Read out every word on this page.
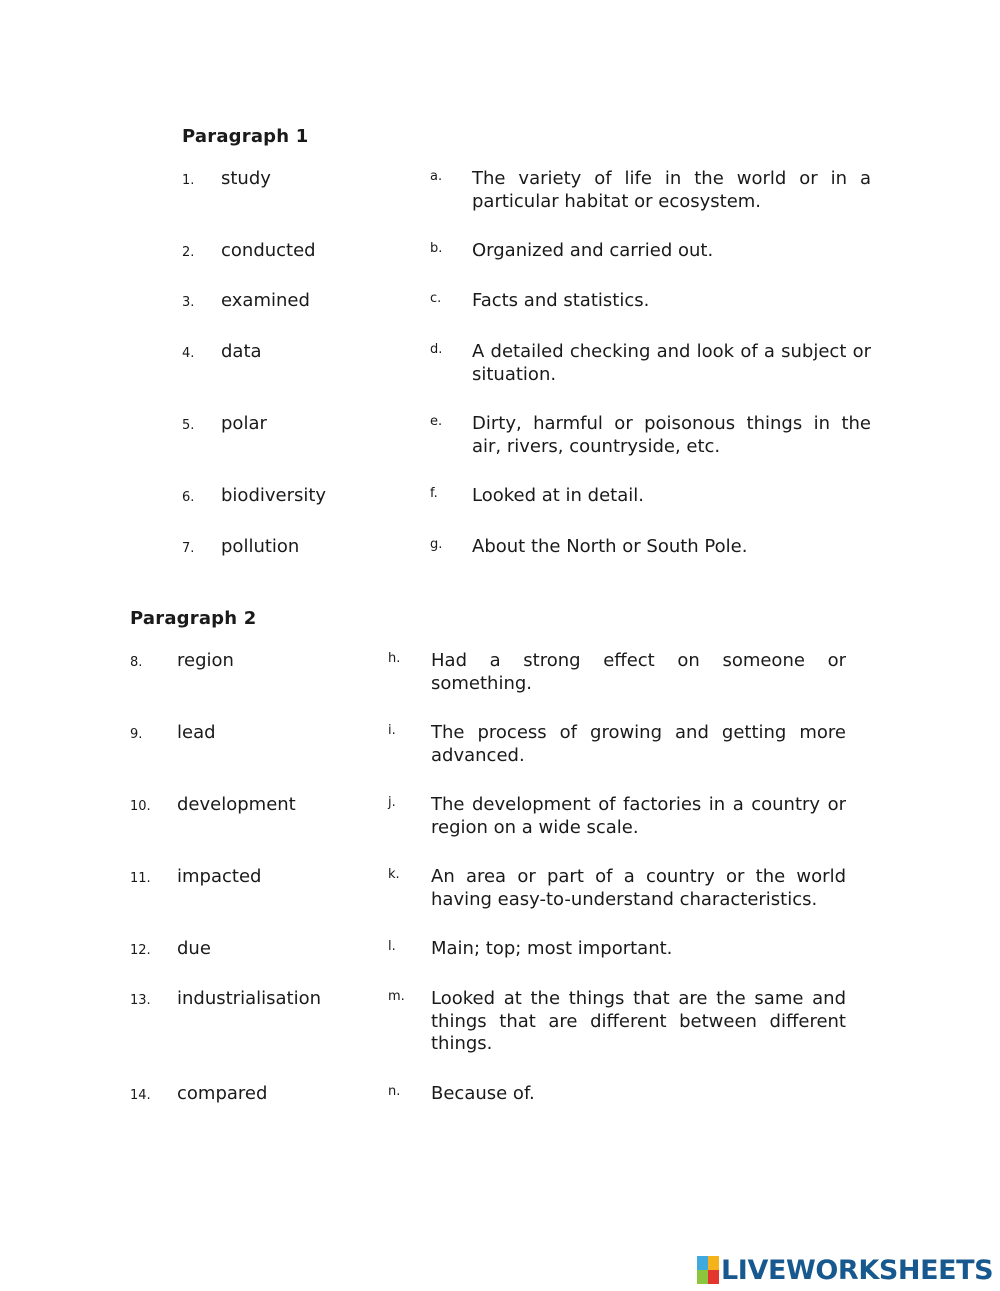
Paragraph 1
1. study	a. The variety of life in the world or in a particular habitat or ecosystem.
2. conducted	b. Organized and carried out.
3. examined	c. Facts and statistics.
4. data	d. A detailed checking and look of a subject or situation.
5. polar	e. Dirty, harmful or poisonous things in the air, rivers, countryside, etc.
6. biodiversity	f. Looked at in detail.
7. pollution	g. About the North or South Pole.
Paragraph 2
8. region	h. Had a strong effect on someone or something.
9. lead	i. The process of growing and getting more advanced.
10. development	j. The development of factories in a country or region on a wide scale.
11. impacted	k. An area or part of a country or the world having easy-to-understand characteristics.
12. due	l. Main; top; most important.
13. industrialisation	m. Looked at the things that are the same and things that are different between different things.
14. compared	n. Because of.
LIVEWORKSHEETS
